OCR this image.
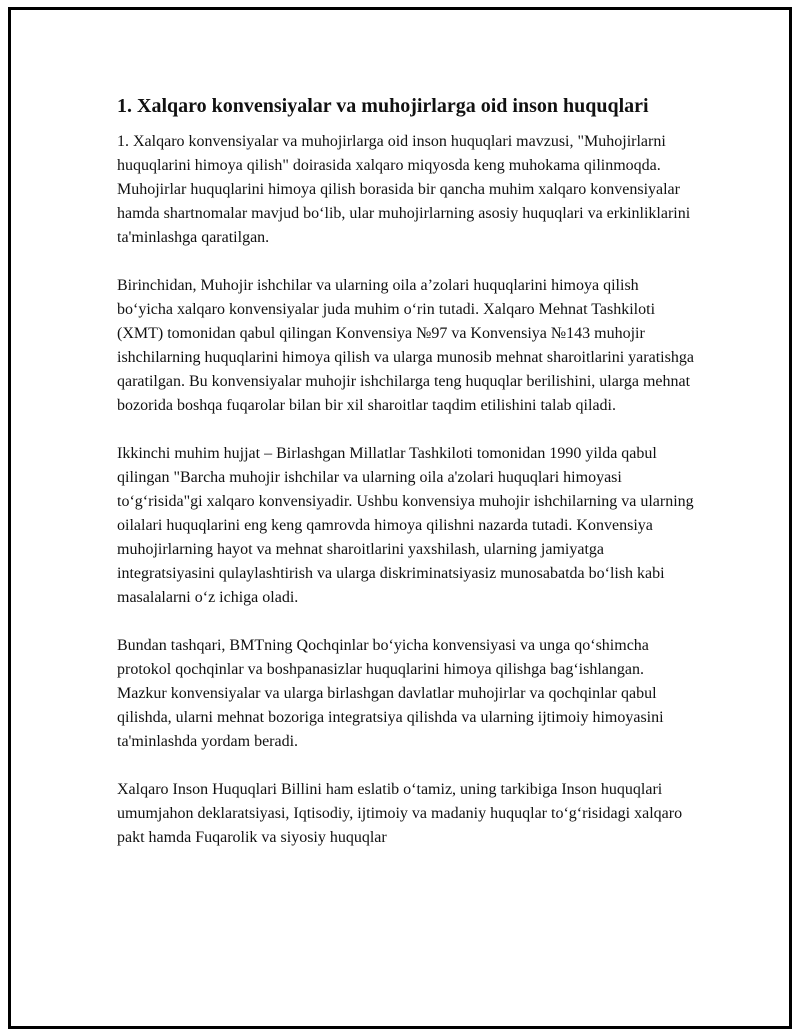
1. Xalqaro konvensiyalar va muhojirlarga oid inson huquqlari

1. Xalqaro konvensiyalar va muhojirlarga oid inson huquqlari mavzusi, "Muhojirlarni huquqlarini himoya qilish" doirasida xalqaro miqyosda keng muhokama qilinmoqda. Muhojirlar huquqlarini himoya qilish borasida bir qancha muhim xalqaro konvensiyalar hamda shartnomalar mavjud bo‘lib, ular muhojirlarning asosiy huquqlari va erkinliklarini ta'minlashga qaratilgan.

Birinchidan, Muhojir ishchilar va ularning oila a’zolari huquqlarini himoya qilish bo‘yicha xalqaro konvensiyalar juda muhim o‘rin tutadi. Xalqaro Mehnat Tashkiloti (XMT) tomonidan qabul qilingan Konvensiya №97 va Konvensiya №143 muhojir ishchilarning huquqlarini himoya qilish va ularga munosib mehnat sharoitlarini yaratishga qaratilgan. Bu konvensiyalar muhojir ishchilarga teng huquqlar berilishini, ularga mehnat bozorida boshqa fuqarolar bilan bir xil sharoitlar taqdim etilishini talab qiladi.

Ikkinchi muhim hujjat – Birlashgan Millatlar Tashkiloti tomonidan 1990 yilda qabul qilingan "Barcha muhojir ishchilar va ularning oila a'zolari huquqlari himoyasi to‘g‘risida"gi xalqaro konvensiyadir. Ushbu konvensiya muhojir ishchilarning va ularning oilalari huquqlarini eng keng qamrovda himoya qilishni nazarda tutadi. Konvensiya muhojirlarning hayot va mehnat sharoitlarini yaxshilash, ularning jamiyatga integratsiyasini qulaylashtirish va ularga diskriminatsiyasiz munosabatda bo‘lish kabi masalalarni o‘z ichiga oladi.

Bundan tashqari, BMTning Qochqinlar bo‘yicha konvensiyasi va unga qo‘shimcha protokol qochqinlar va boshpanasizlar huquqlarini himoya qilishga bag‘ishlangan. Mazkur konvensiyalar va ularga birlashgan davlatlar muhojirlar va qochqinlar qabul qilishda, ularni mehnat bozoriga integratsiya qilishda va ularning ijtimoiy himoyasini ta'minlashda yordam beradi.

Xalqaro Inson Huquqlari Billini ham eslatib o‘tamiz, uning tarkibiga Inson huquqlari umumjahon deklaratsiyasi, Iqtisodiy, ijtimoiy va madaniy huquqlar to‘g‘risidagi xalqaro pakt hamda Fuqarolik va siyosiy huquqlar
